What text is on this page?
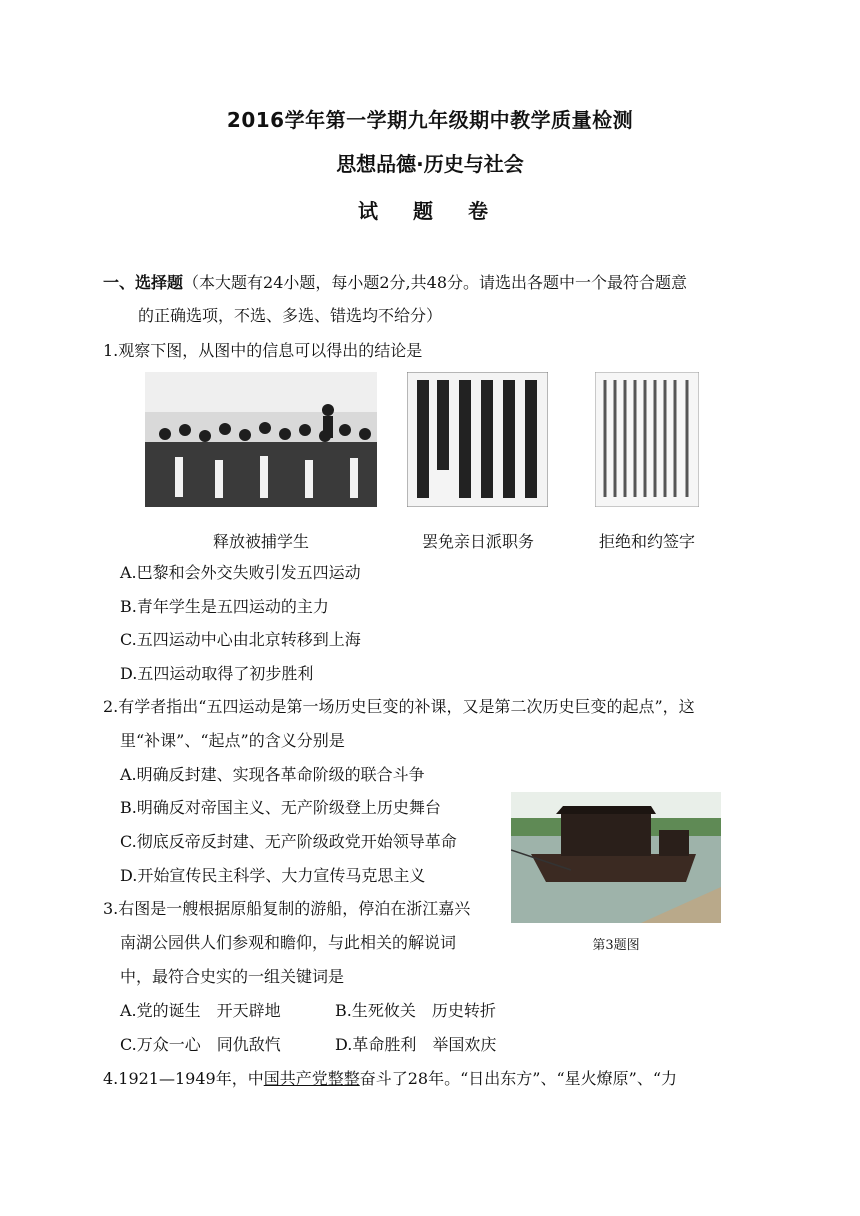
2016学年第一学期九年级期中教学质量检测
思想品德·历史与社会
试 题 卷
一、选择题（本大题有24小题，每小题2分,共48分。请选出各题中一个最符合题意
的正确选项，不选、多选、错选均不给分）
1.观察下图，从图中的信息可以得出的结论是
释放被捕学生	罢免亲日派职务	拒绝和约签字
A.巴黎和会外交失败引发五四运动
B.青年学生是五四运动的主力
C.五四运动中心由北京转移到上海
D.五四运动取得了初步胜利
2.有学者指出“五四运动是第一场历史巨变的补课，又是第二次历史巨变的起点”，这
里“补课”、“起点”的含义分别是
A.明确反封建、实现各革命阶级的联合斗争
B.明确反对帝国主义、无产阶级登上历史舞台
C.彻底反帝反封建、无产阶级政党开始领导革命
D.开始宣传民主科学、大力宣传马克思主义
第3题图
3.右图是一艘根据原船复制的游船，停泊在浙江嘉兴
南湖公园供人们参观和瞻仰，与此相关的解说词
中，最符合史实的一组关键词是
A.党的诞生　开天辟地	B.生死攸关　历史转折
C.万众一心　同仇敌忾	D.革命胜利　举国欢庆
4.1921—1949年，中国共产党整整奋斗了28年。“日出东方”、“星火燎原”、“力
